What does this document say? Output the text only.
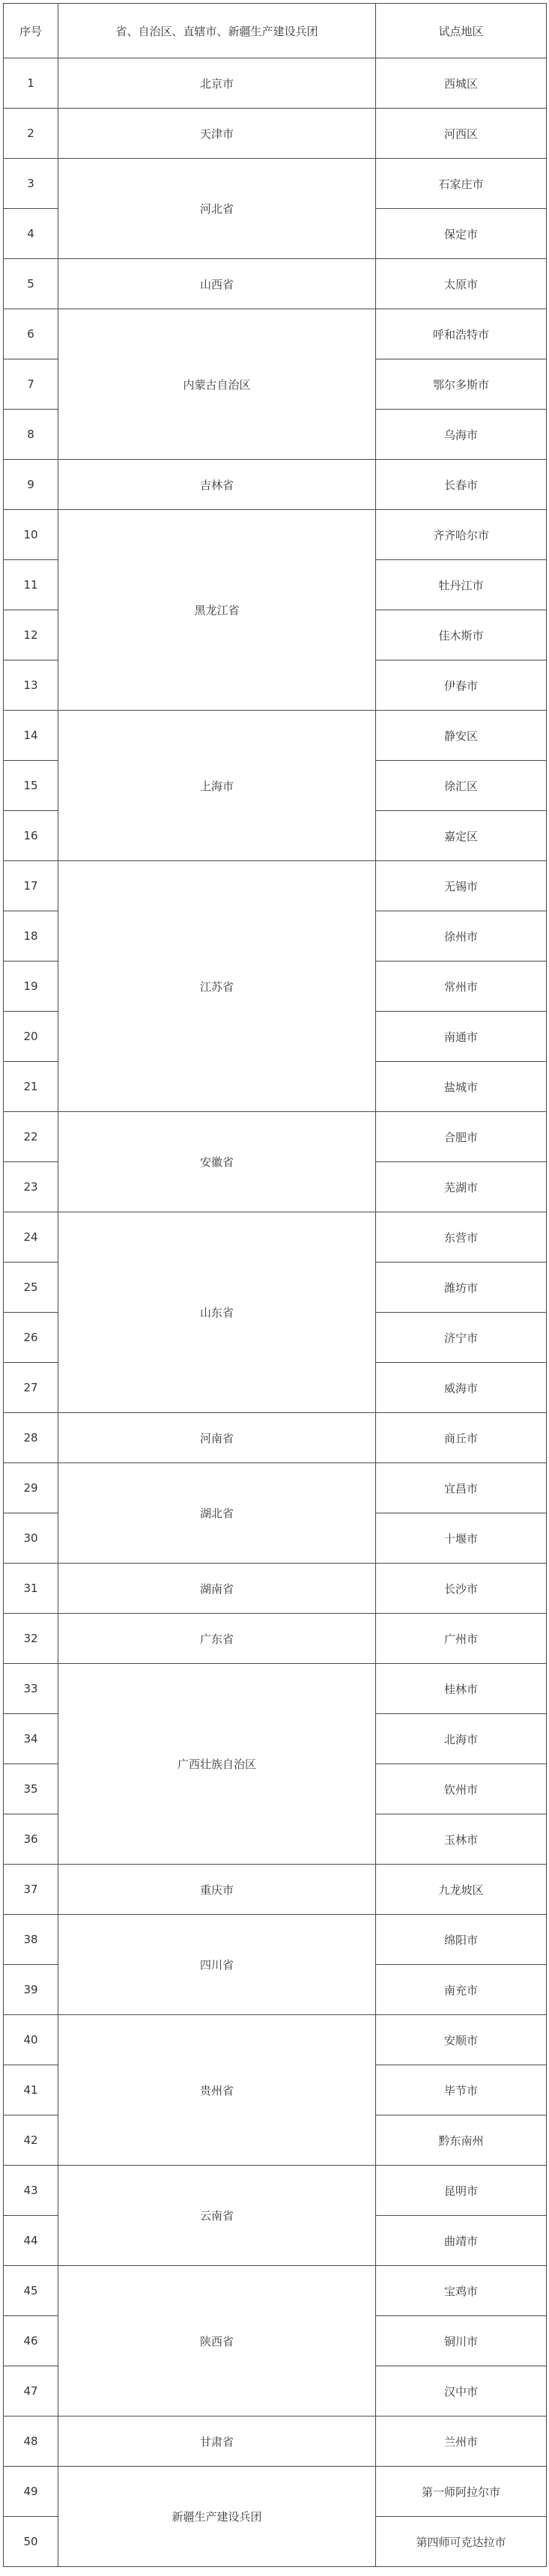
序号	省、自治区、直辖市、新疆生产建设兵团	试点地区
1	北京市	西城区
2	天津市	河西区
3	河北省	石家庄市
4		保定市
5	山西省	太原市
6	内蒙古自治区	呼和浩特市
7		鄂尔多斯市
8		乌海市
9	吉林省	长春市
10	黑龙江省	齐齐哈尔市
11		牡丹江市
12		佳木斯市
13		伊春市
14	上海市	静安区
15		徐汇区
16		嘉定区
17	江苏省	无锡市
18		徐州市
19		常州市
20		南通市
21		盐城市
22	安徽省	合肥市
23		芜湖市
24	山东省	东营市
25		潍坊市
26		济宁市
27		威海市
28	河南省	商丘市
29	湖北省	宜昌市
30		十堰市
31	湖南省	长沙市
32	广东省	广州市
33	广西壮族自治区	桂林市
34		北海市
35		钦州市
36		玉林市
37	重庆市	九龙坡区
38	四川省	绵阳市
39		南充市
40	贵州省	安顺市
41		毕节市
42		黔东南州
43	云南省	昆明市
44		曲靖市
45	陕西省	宝鸡市
46		铜川市
47		汉中市
48	甘肃省	兰州市
49	新疆生产建设兵团	第一师阿拉尔市
50		第四师可克达拉市
